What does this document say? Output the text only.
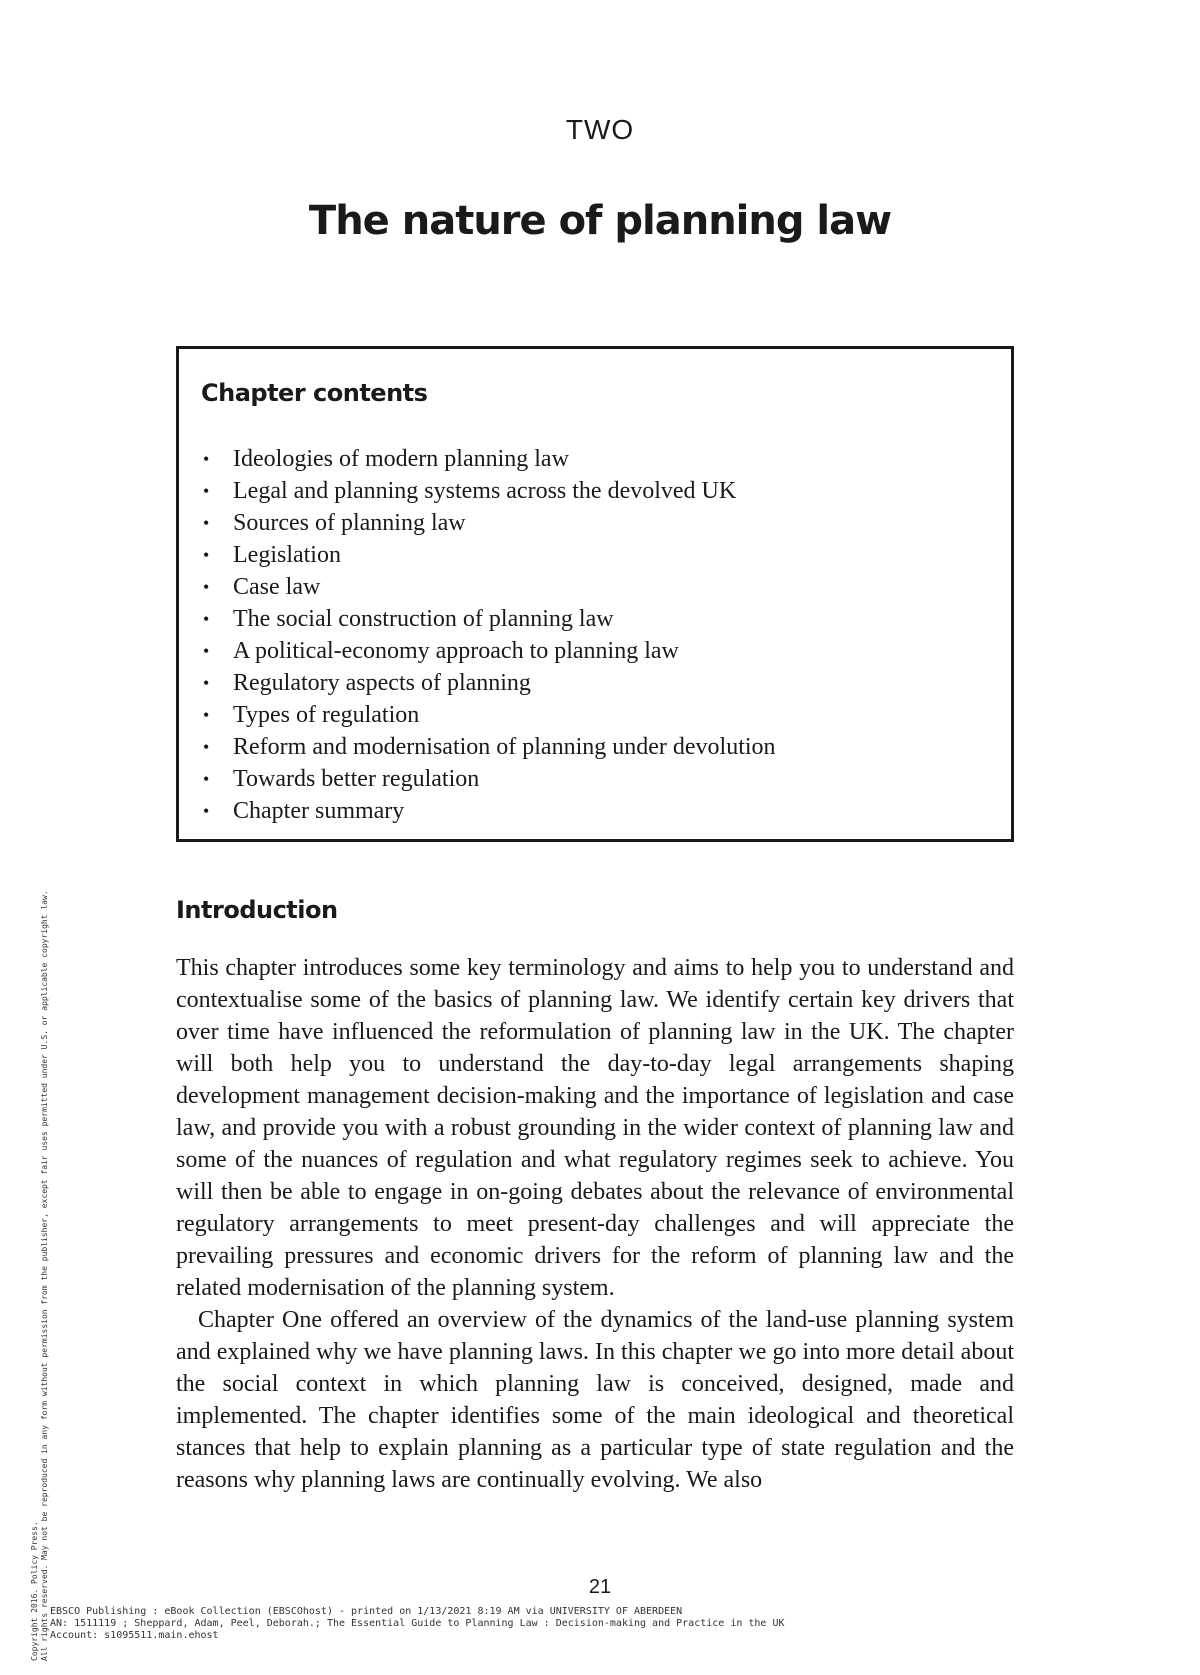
TWO
The nature of planning law
Chapter contents
• Ideologies of modern planning law
• Legal and planning systems across the devolved UK
• Sources of planning law
• Legislation
• Case law
• The social construction of planning law
• A political-economy approach to planning law
• Regulatory aspects of planning
• Types of regulation
• Reform and modernisation of planning under devolution
• Towards better regulation
• Chapter summary
Introduction

This chapter introduces some key terminology and aims to help you to understand and contextualise some of the basics of planning law. We identify certain key drivers that over time have influenced the reformulation of planning law in the UK. The chapter will both help you to understand the day-to-day legal arrangements shaping development management decision-making and the importance of legislation and case law, and provide you with a robust grounding in the wider context of planning law and some of the nuances of regulation and what regulatory regimes seek to achieve. You will then be able to engage in on-going debates about the relevance of environmental regulatory arrangements to meet present-day challenges and will appreciate the prevailing pressures and economic drivers for the reform of planning law and the related modernisation of the planning system.

Chapter One offered an overview of the dynamics of the land-use planning system and explained why we have planning laws. In this chapter we go into more detail about the social context in which planning law is conceived, designed, made and implemented. The chapter identifies some of the main ideological and theoretical stances that help to explain planning as a particular type of state regulation and the reasons why planning laws are continually evolving. We also

21
EBSCO Publishing : eBook Collection (EBSCOhost) - printed on 1/13/2021 8:19 AM via UNIVERSITY OF ABERDEEN
AN: 1511119 ; Sheppard, Adam, Peel, Deborah.; The Essential Guide to Planning Law : Decision-making and Practice in the UK
Account: s1095511.main.ehost
Copyright 2016. Policy Press. All rights reserved. May not be reproduced in any form without permission from the publisher, except fair uses permitted under U.S. or applicable copyright law.
